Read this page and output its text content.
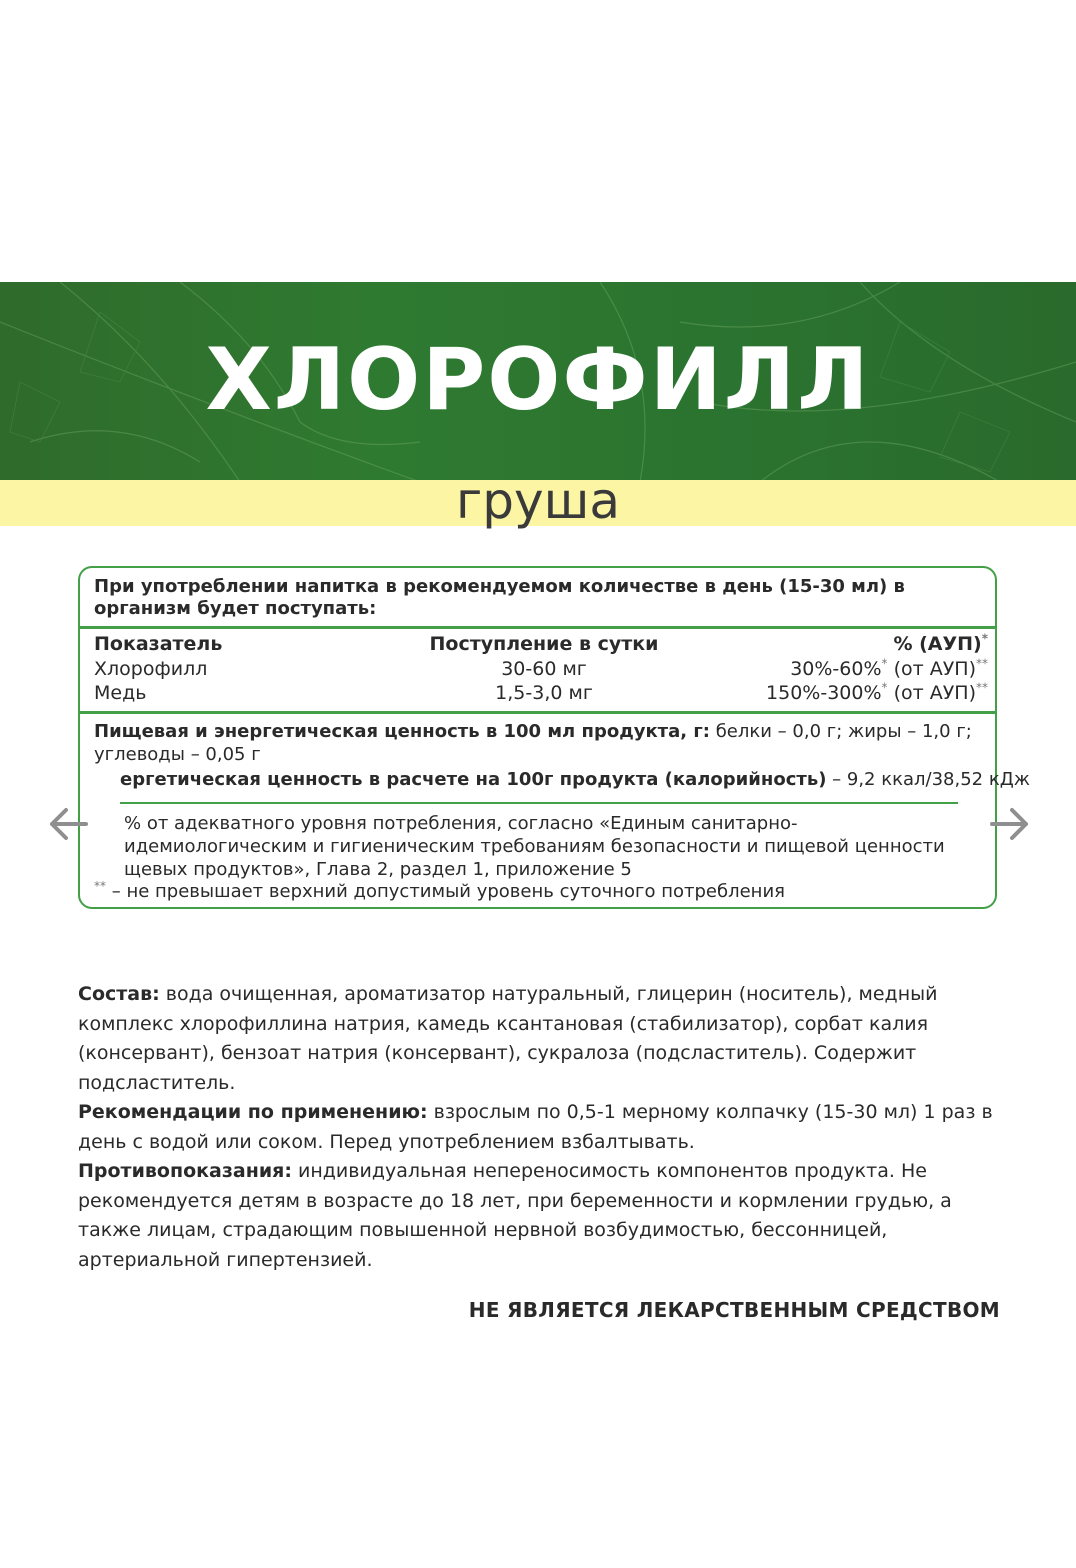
ХЛОРОФИЛЛ
груша
При употреблении напитка в рекомендуемом количестве в день (15-30 мл) в организм будет поступать:
Показатель	Поступление в сутки	% (АУП)*
Хлорофилл	30-60 мг	30%-60%* (от АУП)**
Медь	1,5-3,0 мг	150%-300%* (от АУП)**
Пищевая и энергетическая ценность в 100 мл продукта, г: белки – 0,0 г; жиры – 1,0 г; углеводы – 0,05 г
ергетическая ценность в расчете на 100г продукта (калорийность) – 9,2 ккал/38,52 кДж
% от адекватного уровня потребления, согласно «Единым санитарно-
идемиологическим и гигиеническим требованиям безопасности и пищевой ценности
щевых продуктов», Глава 2, раздел 1, приложение 5
** – не превышает верхний допустимый уровень суточного потребления

Состав: вода очищенная, ароматизатор натуральный, глицерин (носитель), медный комплекс хлорофиллина натрия, камедь ксантановая (стабилизатор), сорбат калия (консервант), бензоат натрия (консервант), сукралоза (подсластитель). Содержит подсластитель.

Рекомендации по применению: взрослым по 0,5-1 мерному колпачку (15-30 мл) 1 раз в день с водой или соком. Перед употреблением взбалтывать.

Противопоказания: индивидуальная непереносимость компонентов продукта. Не рекомендуется детям в возрасте до 18 лет, при беременности и кормлении грудью, а также лицам, страдающим повышенной нервной возбудимостью, бессонницей, артериальной гипертензией.

НЕ ЯВЛЯЕТСЯ ЛЕКАРСТВЕННЫМ СРЕДСТВОМ
